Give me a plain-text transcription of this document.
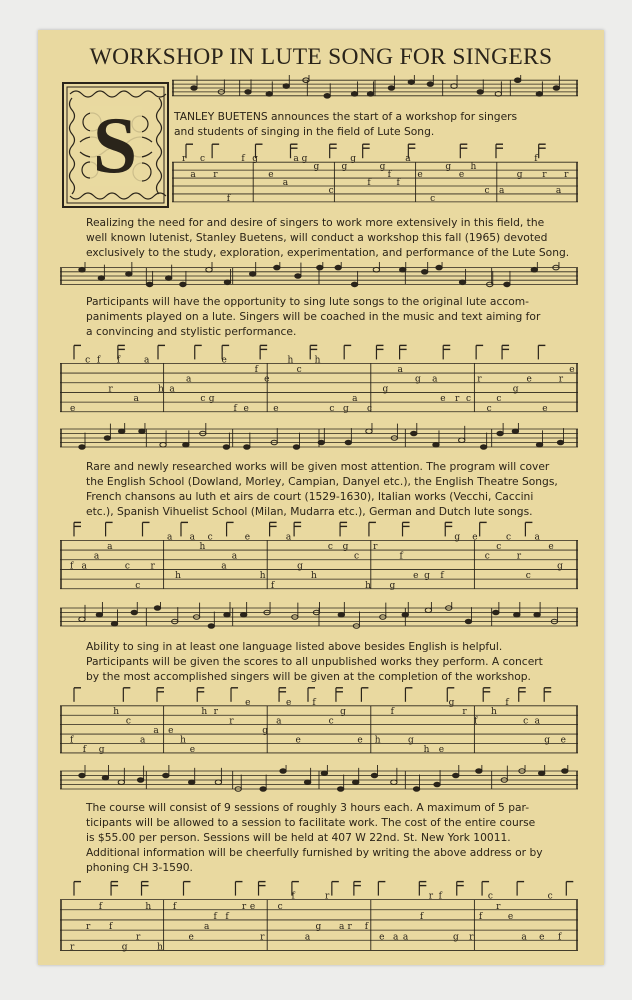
WORKSHOP IN LUTE SONG FOR SINGERS
S	TANLEY BUETENS announces the start of a workshop for singers

and students of singing in the field of Lute Song.

Realizing the need for and desire of singers to work more extensively in this field, the

well known lutenist, Stanley Buetens, will conduct a workshop this fall (1965) devoted

exclusively to the study, exploration, experimentation, and performance of the Lute Song.

Participants will have the opportunity to sing lute songs to the original lute accom-

paniments played on a lute. Singers will be coached in the music and text aiming for

a convincing and stylistic performance.

Rare and newly researched works will be given most attention. The program will cover

the English School (Dowland, Morley, Campian, Danyel etc.), the English Theatre Songs,

French chansons au luth et airs de court (1529-1630), Italian works (Vecchi, Caccini

etc.), Spanish Vihuelist School (Milan, Mudarra etc.), German and Dutch lute songs.

Ability to sing in at least one language listed above besides English is helpful.

Participants will be given the scores to all unpublished works they perform. A concert

by the most accomplished singers will be given at the completion of the workshop.

The course will consist of 9 sessions of roughly 3 hours each. A maximum of 5 par-

ticipants will be allowed to a session to facilitate work. The cost of the entire course

is $55.00 per person. Sessions will be held at 407 W 22nd. St. New York 10011.

Additional information will be cheerfully furnished by writing the above address or by

phoning CH 3-1590.

r
a
c
r
f
f g
e
a
a g
g
c
g
g
f
g
f
f
a
e
c
g
e
h
c a
g
f
r
a
r
e
c f
r
f
a
a
h a
a
c g
e
f e
f
e
e
h
c
h
c g
a
c
g
a
g a
e r c
r
c
c
g
e
e
r
e
f a
a
a
c
c
r
a
h
a
h
c
a
a
e
h
f
a
g
h
c g
c
h
r
g
f
e g f
g e
c
c
c
r
c
a
e
g
f
f g
h
c
a
a e
h
e
h r
r
e
g
a
e
e
f
c
g
e h
f
g
h e
g
r
f
h
f
c a
g e
r
r
f
f
g
r
h
h
f
e
a
f f
r e
r
c
f
a
g
r
a r f
e a a
f
r f
g r
f
c
r
e
a e
c
f
